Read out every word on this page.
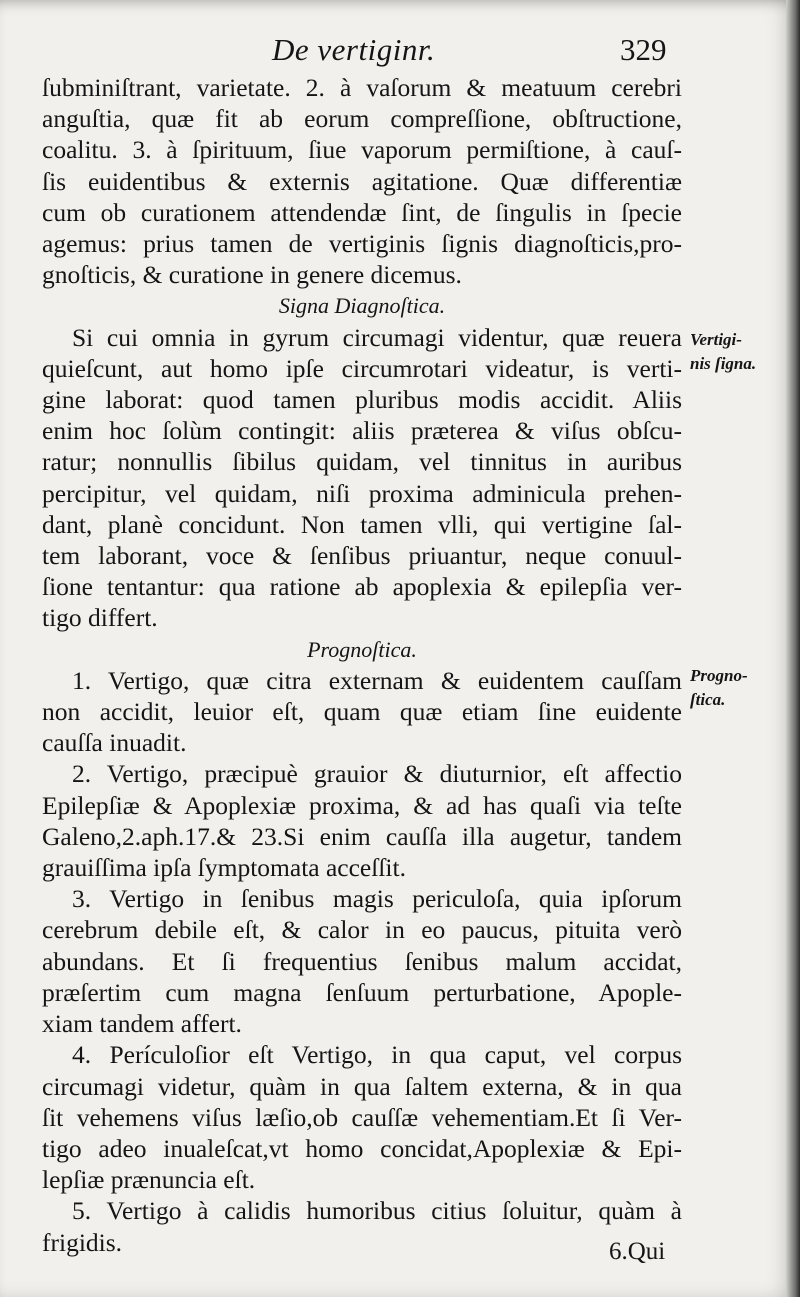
De vertiginr.	329

ſubminiſtrant, varietate. 2. à vaſorum & meatuum cerebri

anguſtia, quæ fit ab eorum compreſſione, obſtructione,

coalitu. 3. à ſpirituum, ſiue vaporum permiſtione, à cauſ-

ſis euidentibus & externis agitatione. Quæ differentiæ

cum ob curationem attendendæ ſint, de ſingulis in ſpecie

agemus: prius tamen de vertiginis ſignis diagnoſticis,pro-

gnoſticis, & curatione in genere dicemus.

Signa Diagnoſtica.

Si cui omnia in gyrum circumagi videntur, quæ reuera

quieſcunt, aut homo ipſe circumrotari videatur, is verti-

gine laborat: quod tamen pluribus modis accidit. Aliis

enim hoc ſolùm contingit: aliis præterea & viſus obſcu-

ratur; nonnullis ſibilus quidam, vel tinnitus in auribus

percipitur, vel quidam, niſi proxima adminicula prehen-

dant, planè concidunt. Non tamen vlli, qui vertigine ſal-

tem laborant, voce & ſenſibus priuantur, neque conuul-

ſione tentantur: qua ratione ab apoplexia & epilepſia ver-

tigo differt.

Prognoſtica.

1. Vertigo, quæ citra externam & euidentem cauſſam

non accidit, leuior eſt, quam quæ etiam ſine euidente

cauſſa inuadit.

2. Vertigo, præcipuè grauior & diuturnior, eſt affectio

Epilepſiæ & Apoplexiæ proxima, & ad has quaſi via teſte

Galeno,2.aph.17.& 23.Si enim cauſſa illa augetur, tandem

grauiſſima ipſa ſymptomata acceſſit.

3. Vertigo in ſenibus magis periculoſa, quia ipſorum

cerebrum debile eſt, & calor in eo paucus, pituita verò

abundans. Et ſi frequentius ſenibus malum accidat,

præſertim cum magna ſenſuum perturbatione, Apople-

xiam tandem affert.

4. Perículoſior eſt Vertigo, in qua caput, vel corpus

circumagi videtur, quàm in qua ſaltem externa, & in qua

ſit vehemens viſus læſio,ob cauſſæ vehementiam.Et ſi Ver-

tigo adeo inualeſcat,vt homo concidat,Apoplexiæ & Epi-

lepſiæ prænuncia eſt.

5. Vertigo à calidis humoribus citius ſoluitur, quàm à

frigidis.

Vertigi-
nis ſigna.
Progno-
ſtica.
6.Qui
